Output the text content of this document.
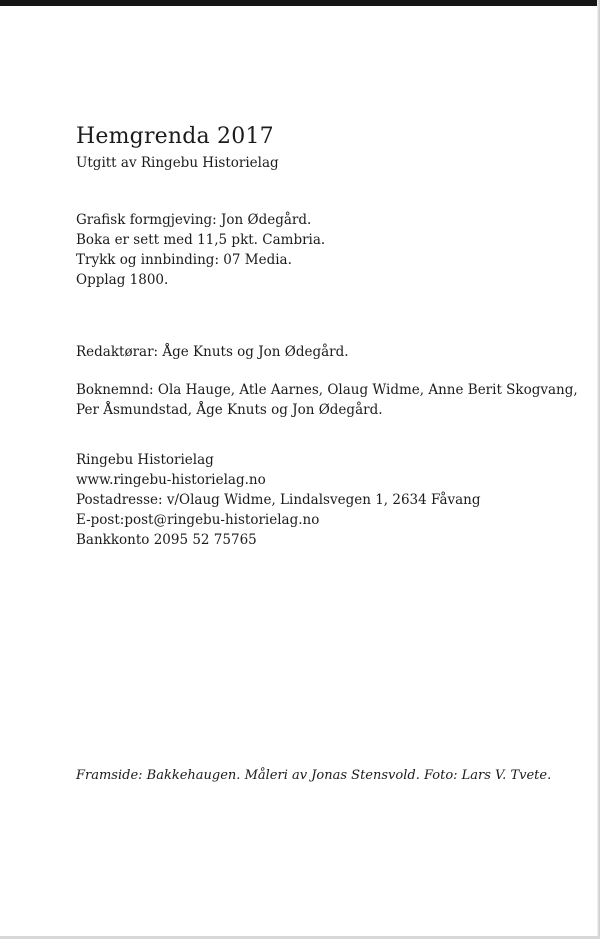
Hemgrenda 2017
Utgitt av Ringebu Historielag
Grafisk formgjeving: Jon Ødegård.
Boka er sett med 11,5 pkt. Cambria.
Trykk og innbinding: 07 Media.
Opplag 1800.
Redaktørar: Åge Knuts og Jon Ødegård.
Boknemnd: Ola Hauge, Atle Aarnes, Olaug Widme, Anne Berit Skogvang,
Per Åsmundstad, Åge Knuts og Jon Ødegård.
Ringebu Historielag
www.ringebu-historielag.no
Postadresse: v/Olaug Widme, Lindalsvegen 1, 2634 Fåvang
E-post:post@ringebu-historielag.no
Bankkonto 2095 52 75765
Framside: Bakkehaugen. Måleri av Jonas Stensvold. Foto: Lars V. Tvete.
